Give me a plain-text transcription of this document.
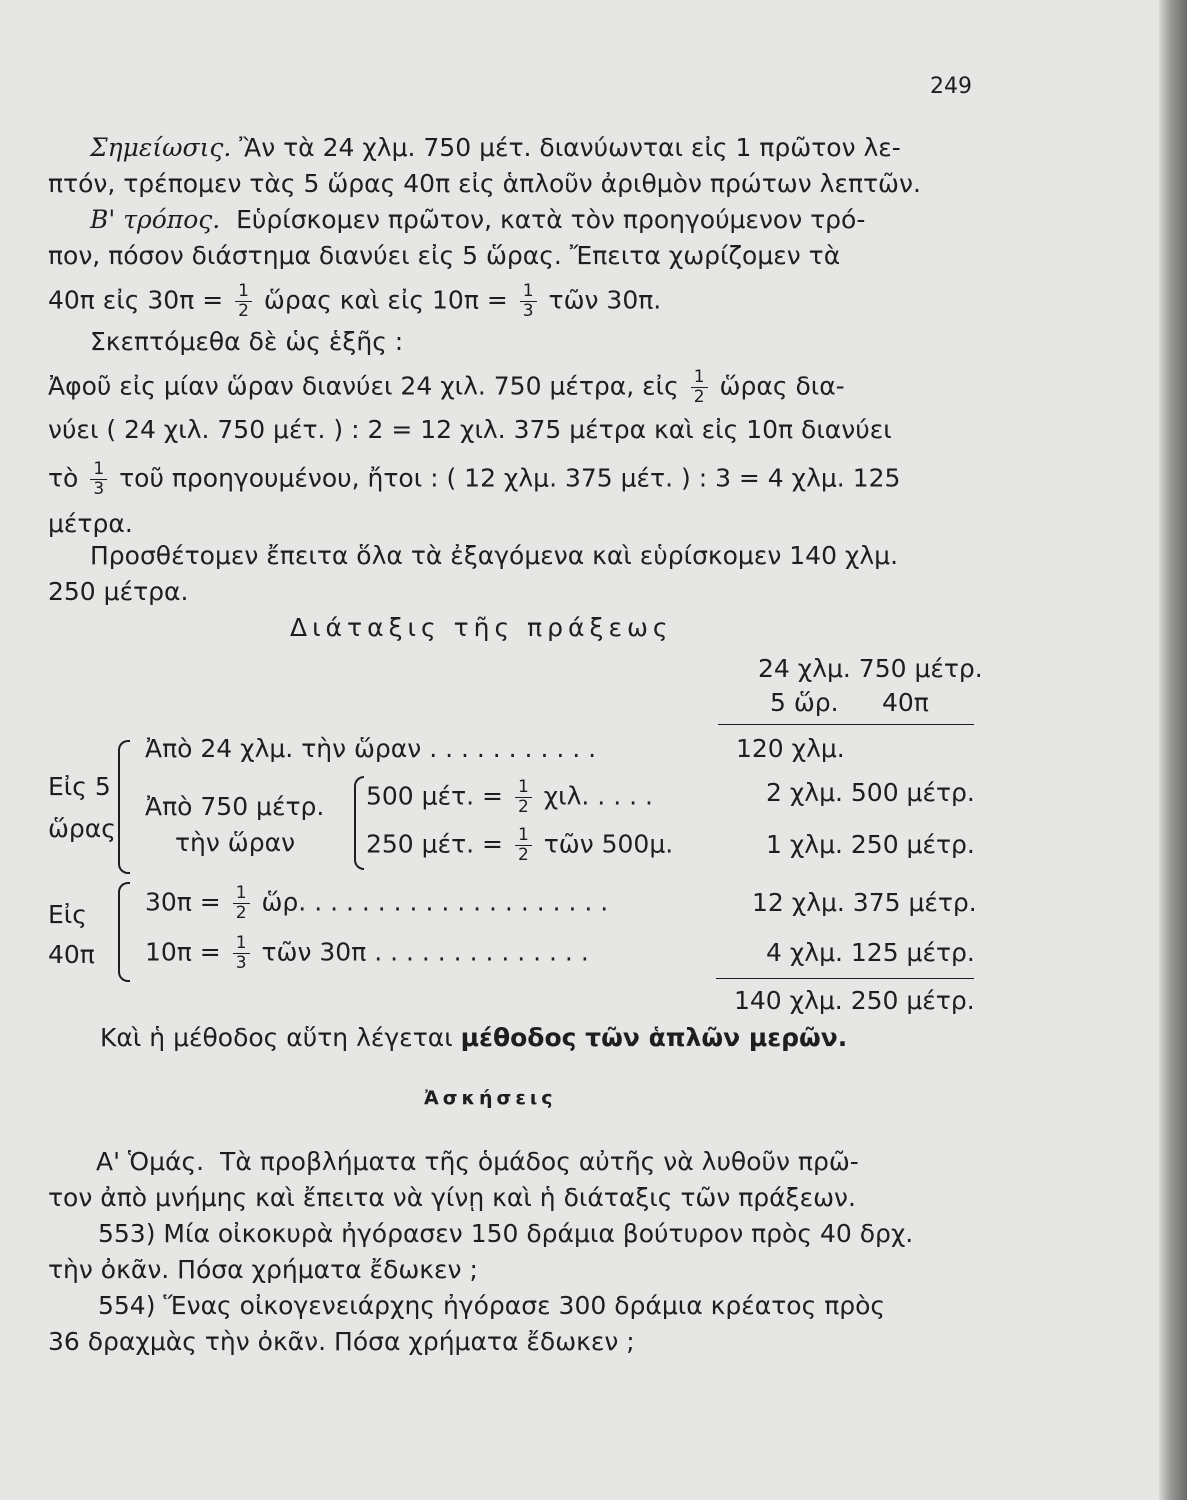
249
Σημείωσις. Ἂν τὰ 24 χλμ. 750 μέτ. διανύωνται εἰς 1 πρῶτον λε-
πτόν, τρέπομεν τὰς 5 ὥρας 40π εἰς ἁπλοῦν ἀριθμὸν πρώτων λεπτῶν.
Β' τρόπος. Εὑρίσκομεν πρῶτον, κατὰ τὸν προηγούμενον τρό-
πον, πόσον διάστημα διανύει εἰς 5 ὥρας. Ἔπειτα χωρίζομεν τὰ
40π εἰς $30\pi = \frac{1}{2}$ ὥρας καὶ εἰς $10\pi = \frac{1}{3}$ τῶν 30π.
Σκεπτόμεθα δὲ ὡς ἑξῆς :
Ἀφοῦ εἰς μίαν ὥραν διανύει 24 χιλ. 750 μέτρα, εἰς $\frac{1}{2}$ ὥρας δια-
νύει ( 24 χιλ. 750 μέτ. ) : 2 = 12 χιλ. 375 μέτρα καὶ εἰς 10π διανύει
τὸ $\frac{1}{3}$ τοῦ προηγουμένου, ἤτοι : ( 12 χλμ. 375 μέτ. ) : 3 = 4 χλμ. 125
μέτρα.
Προσθέτομεν ἔπειτα ὅλα τὰ ἐξαγόμενα καὶ εὑρίσκομεν 140 χλμ.
250 μέτρα.
Διάταξις τῆς πράξεως
24 χλμ. 750 μέτρ.
5 ὥρ. 40π
Εἰς 5
ὥρας
Ἀπὸ 24 χλμ. τὴν ὥραν . . . . . . . . . . .	120 χλμ.
Ἀπὸ 750 μέτρ.
τὴν ὥραν
500 μέτ. = $\frac{1}{2} \chi\iota\lambda$. . . . .	2 χλμ. 500 μέτρ.
250 μέτ. = $\frac{1}{2}$ τῶν 500μ.	1 χλμ. 250 μέτρ.
Εἰς
40π
$30\pi = \frac{1}{2}$ ὥρ. . . . . . . . . . . . . . . . . . . .	12 χλμ. 375 μέτρ.
$10\pi = \frac{1}{3}$ τῶν 30π . . . . . . . . . . . . . .	4 χλμ. 125 μέτρ.
140 χλμ. 250 μέτρ.
Καὶ ἡ μέθοδος αὕτη λέγεται μέθοδος τῶν ἁπλῶν μερῶν.
Ἀσκήσεις
Α' Ὁμάς. Τὰ προβλήματα τῆς ὁμάδος αὐτῆς νὰ λυθοῦν πρῶ-
τον ἀπὸ μνήμης καὶ ἔπειτα νὰ γίνῃ καὶ ἡ διάταξις τῶν πράξεων.
553) Μία οἰκοκυρὰ ἠγόρασεν 150 δράμια βούτυρον πρὸς 40 δρχ.
τὴν ὀκᾶν. Πόσα χρήματα ἔδωκεν ;
554) Ἕνας οἰκογενειάρχης ἠγόρασε 300 δράμια κρέατος πρὸς
36 δραχμὰς τὴν ὀκᾶν. Πόσα χρήματα ἔδωκεν ;
